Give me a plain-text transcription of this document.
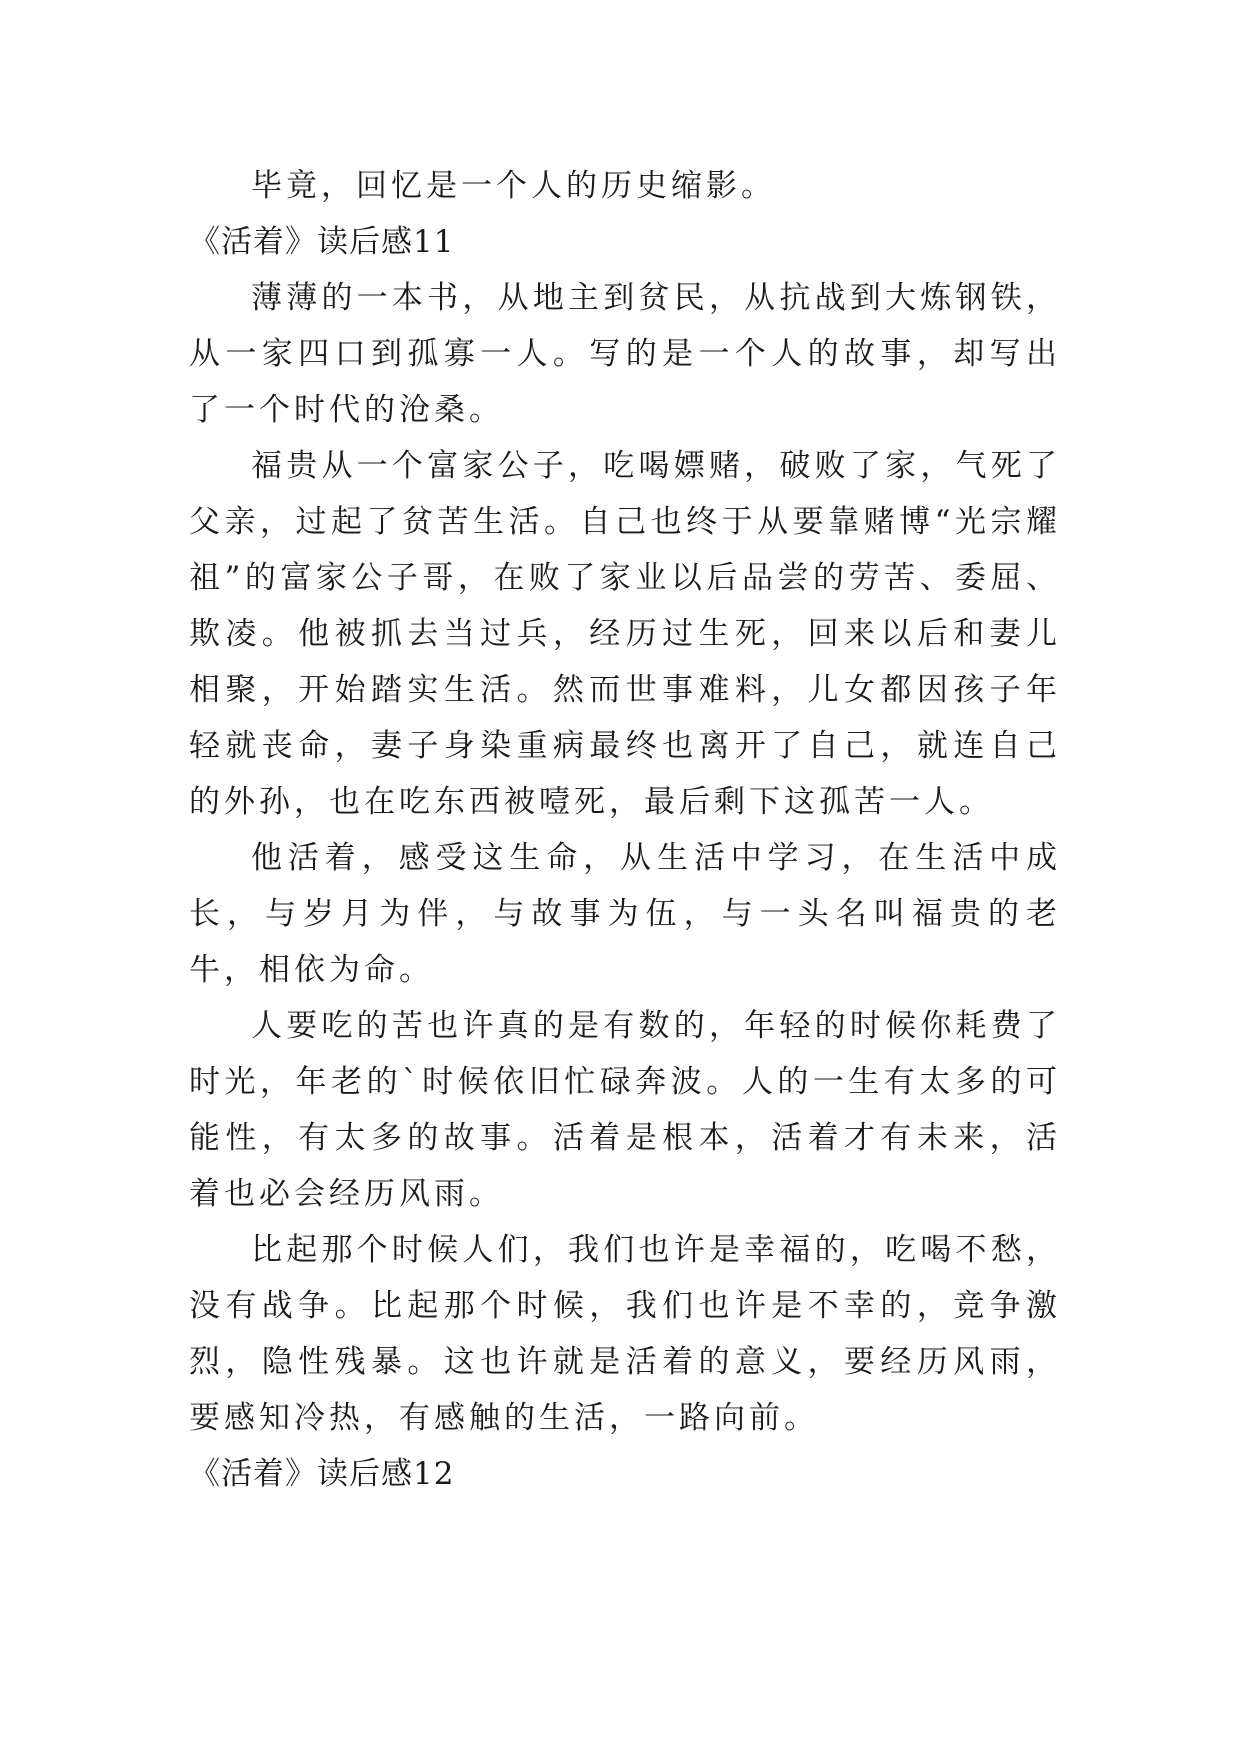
毕竟，回忆是一个人的历史缩影。

《活着》读后感11

薄薄的一本书，从地主到贫民，从抗战到大炼钢铁，从一家四口到孤寡一人。写的是一个人的故事，却写出了一个时代的沧桑。

福贵从一个富家公子，吃喝嫖赌，破败了家，气死了父亲，过起了贫苦生活。自己也终于从要靠赌博“光宗耀祖”的富家公子哥，在败了家业以后品尝的劳苦、委屈、欺凌。他被抓去当过兵，经历过生死，回来以后和妻儿相聚，开始踏实生活。然而世事难料，儿女都因孩子年轻就丧命，妻子身染重病最终也离开了自己，就连自己的外孙，也在吃东西被噎死，最后剩下这孤苦一人。

他活着，感受这生命，从生活中学习，在生活中成长，与岁月为伴，与故事为伍，与一头名叫福贵的老牛，相依为命。

人要吃的苦也许真的是有数的，年轻的时候你耗费了时光，年老的`时候依旧忙碌奔波。人的一生有太多的可能性，有太多的故事。活着是根本，活着才有未来，活着也必会经历风雨。

比起那个时候人们，我们也许是幸福的，吃喝不愁，没有战争。比起那个时候，我们也许是不幸的，竞争激烈，隐性残暴。这也许就是活着的意义，要经历风雨，要感知冷热，有感触的生活，一路向前。

《活着》读后感12
